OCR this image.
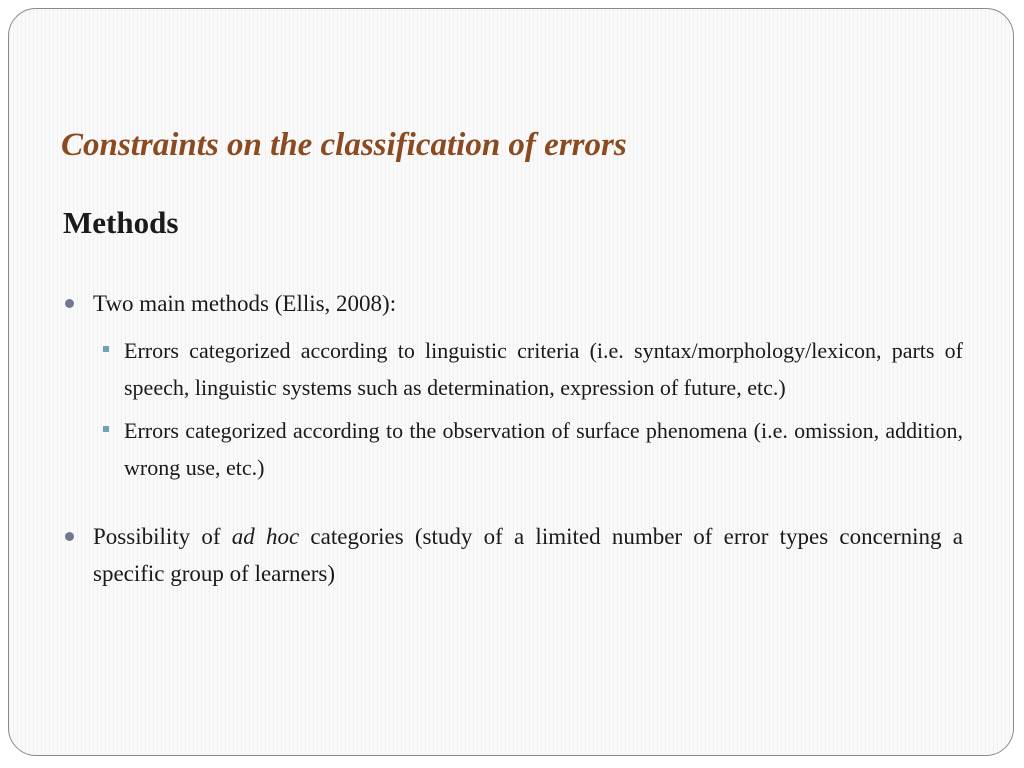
Constraints on the classification of errors
Methods
Two main methods (Ellis, 2008):
Errors categorized according to linguistic criteria (i.e. syntax/morphology/lexicon, parts of speech, linguistic systems such as determination, expression of future, etc.)
Errors categorized according to the observation of surface phenomena (i.e. omission, addition, wrong use, etc.)
Possibility of ad hoc categories (study of a limited number of error types concerning a specific group of learners)
